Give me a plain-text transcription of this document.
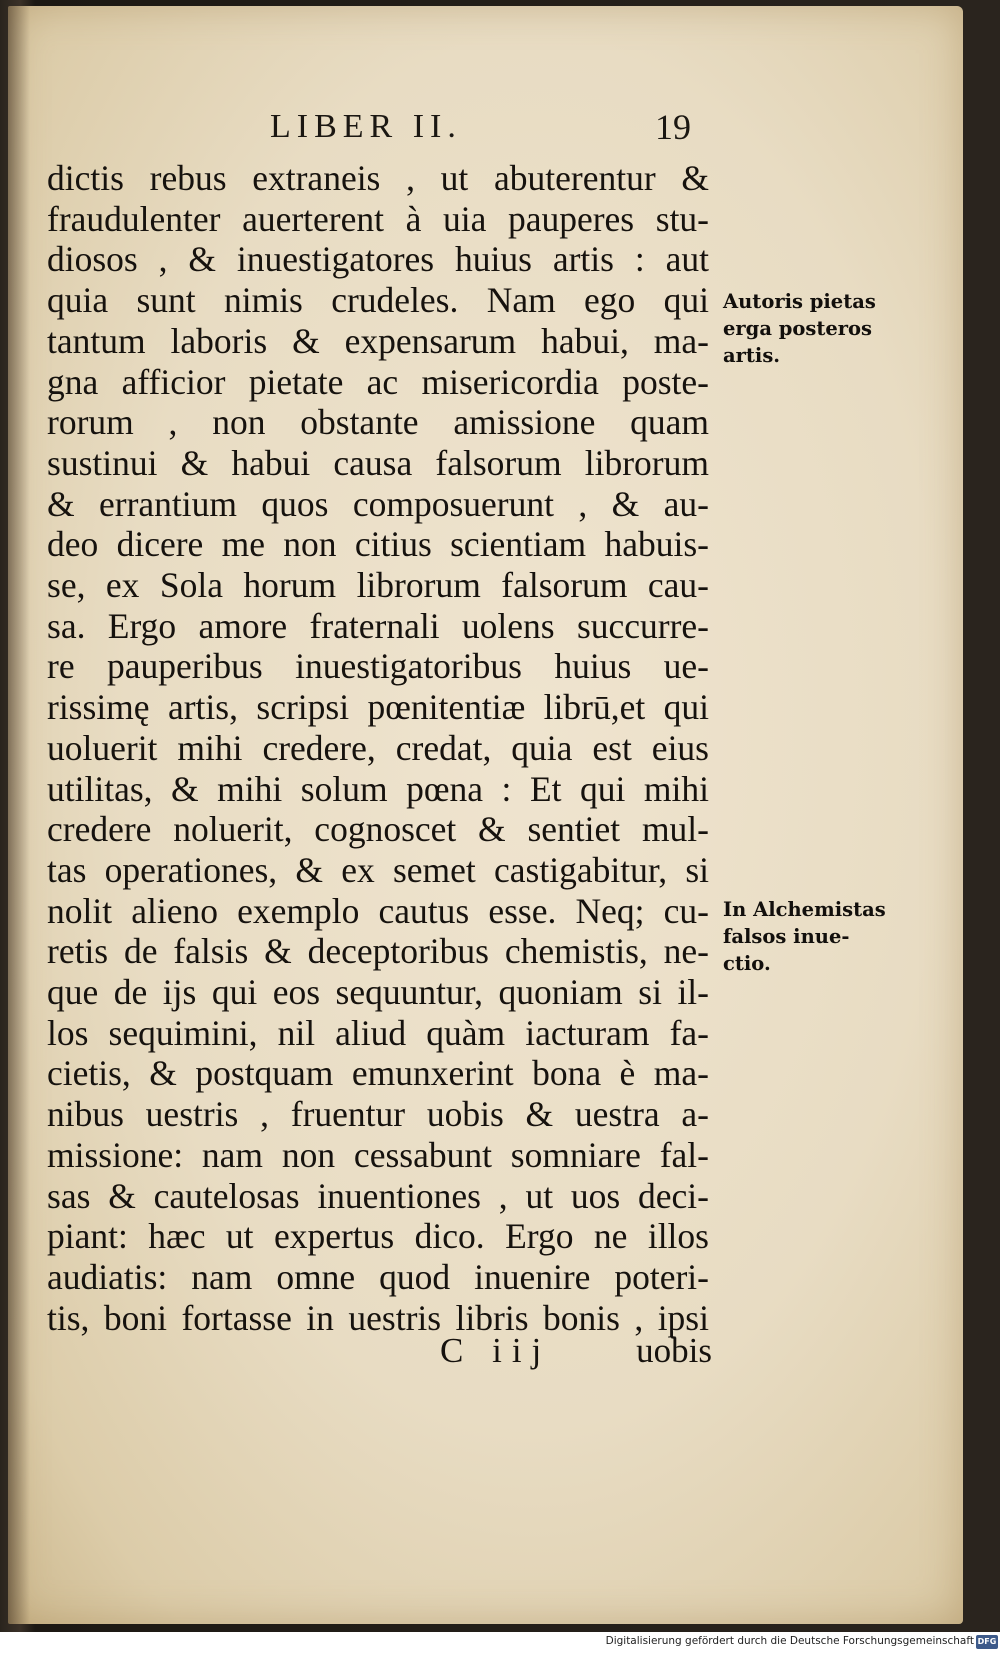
LIBER II.	19
dictis rebus extraneis , ut abuterentur &
fraudulenter auerterent à uia pauperes stu-
diosos , & inuestigatores huius artis : aut
quia sunt nimis crudeles. Nam ego qui
tantum laboris & expensarum habui, ma-
gna afficior pietate ac misericordia poste-
rorum , non obstante amissione quam
sustinui & habui causa falsorum librorum
& errantium quos composuerunt , & au-
deo dicere me non citius scientiam habuis-
se, ex Sola horum librorum falsorum cau-
sa. Ergo amore fraternali uolens succurre-
re pauperibus inuestigatoribus huius ue-
rissimę artis, scripsi pœnitentiæ librū,et qui
uoluerit mihi credere, credat, quia est eius
utilitas, & mihi solum pœna : Et qui mihi
credere noluerit, cognoscet & sentiet mul-
tas operationes, & ex semet castigabitur, si
nolit alieno exemplo cautus esse. Neq; cu-
retis de falsis & deceptoribus chemistis, ne-
que de ijs qui eos sequuntur, quoniam si il-
los sequimini, nil aliud quàm iacturam fa-
cietis, & postquam emunxerint bona è ma-
nibus uestris , fruentur uobis & uestra a-
missione: nam non cessabunt somniare fal-
sas & cautelosas inuentiones , ut uos deci-
piant: hæc ut expertus dico. Ergo ne illos
audiatis: nam omne quod inuenire poteri-
tis, boni fortasse in uestris libris bonis , ipsi
Autoris pietas
erga posteros
artis.
In Alchemistas
falsos inue-
ctio.
C iij uobis
Digitalisierung gefördert durch die Deutsche Forschungsgemeinschaft DFG
